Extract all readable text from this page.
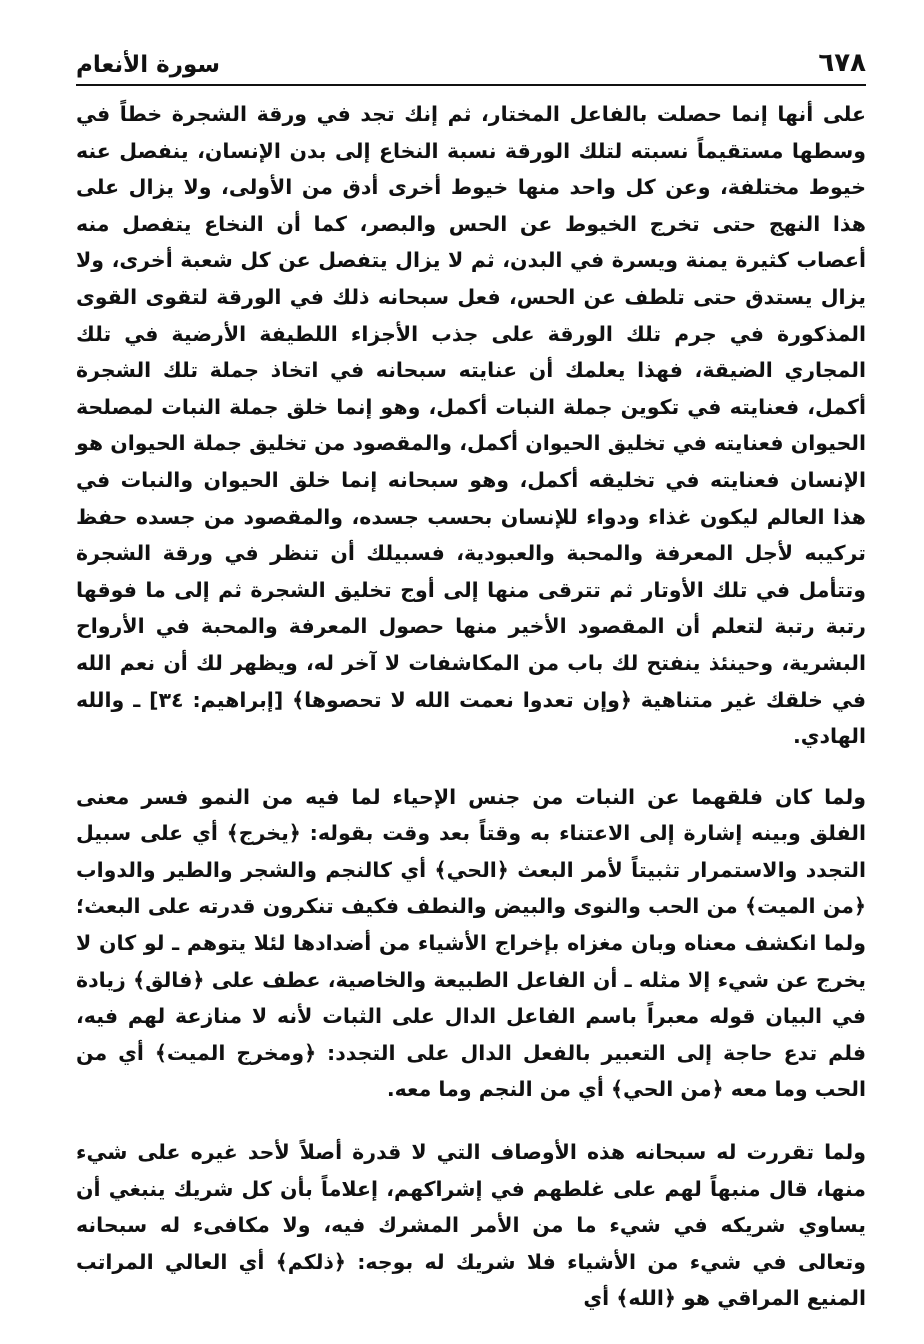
٦٧٨
سورة الأنعام

على أنها إنما حصلت بالفاعل المختار، ثم إنك تجد في ورقة الشجرة خطاً في وسطها مستقيماً نسبته لتلك الورقة نسبة النخاع إلى بدن الإنسان، ينفصل عنه خيوط مختلفة، وعن كل واحد منها خيوط أخرى أدق من الأولى، ولا يزال على هذا النهج حتى تخرج الخيوط عن الحس والبصر، كما أن النخاع يتفصل منه أعصاب كثيرة يمنة ويسرة في البدن، ثم لا يزال يتفصل عن كل شعبة أخرى، ولا يزال يستدق حتى تلطف عن الحس، فعل سبحانه ذلك في الورقة لتقوى القوى المذكورة في جرم تلك الورقة على جذب الأجزاء اللطيفة الأرضية في تلك المجاري الضيقة، فهذا يعلمك أن عنايته سبحانه في اتخاذ جملة تلك الشجرة أكمل، فعنايته في تكوين جملة النبات أكمل، وهو إنما خلق جملة النبات لمصلحة الحيوان فعنايته في تخليق الحيوان أكمل، والمقصود من تخليق جملة الحيوان هو الإنسان فعنايته في تخليقه أكمل، وهو سبحانه إنما خلق الحيوان والنبات في هذا العالم ليكون غذاء ودواء للإنسان بحسب جسده، والمقصود من جسده حفظ تركيبه لأجل المعرفة والمحبة والعبودية، فسبيلك أن تنظر في ورقة الشجرة وتتأمل في تلك الأوتار ثم تترقى منها إلى أوج تخليق الشجرة ثم إلى ما فوقها رتبة رتبة لتعلم أن المقصود الأخير منها حصول المعرفة والمحبة في الأرواح البشرية، وحينئذ ينفتح لك باب من المكاشفات لا آخر له، ويظهر لك أن نعم الله في خلقك غير متناهية ﴿وإن تعدوا نعمت الله لا تحصوها﴾ [إبراهيم: ٣٤] ـ والله الهادي.

ولما كان فلقهما عن النبات من جنس الإحياء لما فيه من النمو فسر معنى الفلق وبينه إشارة إلى الاعتناء به وقتاً بعد وقت بقوله: ﴿يخرج﴾ أي على سبيل التجدد والاستمرار تثبيتاً لأمر البعث ﴿الحي﴾ أي كالنجم والشجر والطير والدواب ﴿من الميت﴾ من الحب والنوى والبيض والنطف فكيف تنكرون قدرته على البعث؛ ولما انكشف معناه وبان مغزاه بإخراج الأشياء من أضدادها لئلا يتوهم ـ لو كان لا يخرج عن شيء إلا مثله ـ أن الفاعل الطبيعة والخاصية، عطف على ﴿فالق﴾ زيادة في البيان قوله معبراً باسم الفاعل الدال على الثبات لأنه لا منازعة لهم فيه، فلم تدع حاجة إلى التعبير بالفعل الدال على التجدد: ﴿ومخرج الميت﴾ أي من الحب وما معه ﴿من الحي﴾ أي من النجم وما معه.

ولما تقررت له سبحانه هذه الأوصاف التي لا قدرة أصلاً لأحد غيره على شيء منها، قال منبهاً لهم على غلطهم في إشراكهم، إعلاماً بأن كل شريك ينبغي أن يساوي شريكه في شيء ما من الأمر المشرك فيه، ولا مكافىء له سبحانه وتعالى في شيء من الأشياء فلا شريك له بوجه: ﴿ذلكم﴾ أي العالي المراتب المنيع المراقي هو ﴿الله﴾ أي
